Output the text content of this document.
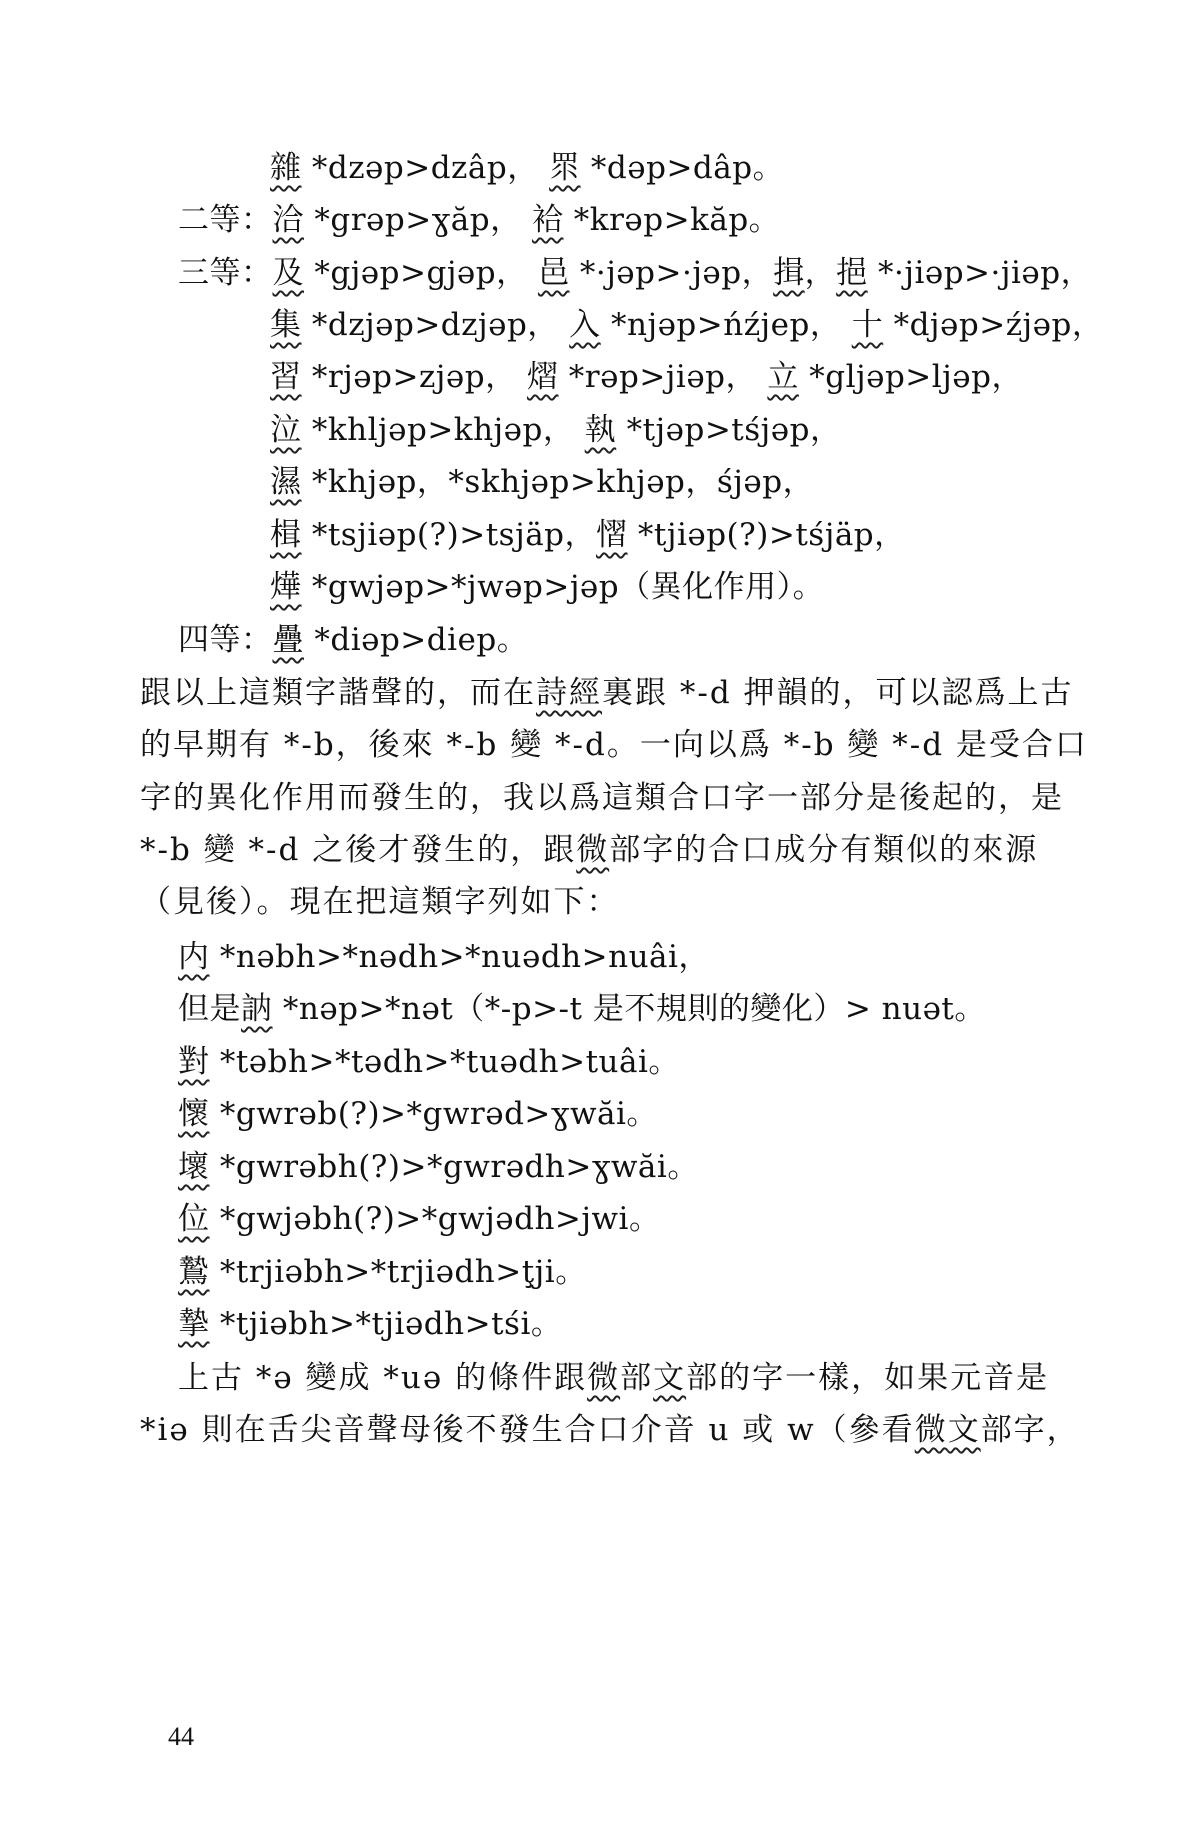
雜 *dzəp>dzâp， 眔 *dəp>dâp。
二等：洽 *grəp>ɣăp， 袷 *krəp>kăp。
三等：及 *gjəp>gjəp， 邑 *·jəp>·jəp，揖，挹 *·jiəp>·jiəp，
集 *dzjəp>dzjəp， 入 *njəp>ńźjep， 十 *djəp>źjəp，
習 *rjəp>zjəp， 熠 *rəp>jiəp， 立 *gljəp>ljəp，
泣 *khljəp>khjəp， 執 *tjəp>tśjəp，
濕 *khjəp，*skhjəp>khjəp，śjəp，
楫 *tsjiəp(?)>tsjäp，慴 *tjiəp(?)>tśjäp，
燁 *gwjəp>*jwəp>jəp（異化作用）。
四等：疊 *diəp>diep。
跟以上這類字諧聲的，而在詩經裏跟 *-d 押韻的，可以認爲上古
的早期有 *-b，後來 *-b 變 *-d。一向以爲 *-b 變 *-d 是受合口
字的異化作用而發生的，我以爲這類合口字一部分是後起的，是
*-b 變 *-d 之後才發生的，跟微部字的合口成分有類似的來源
（見後）。現在把這類字列如下：
内 *nəbh>*nədh>*nuədh>nuâi，
但是訥 *nəp>*nət（*-p>-t 是不規則的變化）> nuət。
對 *təbh>*tədh>*tuədh>tuâi。
懷 *gwrəb(?)>*gwrəd>ɣwăi。
壞 *gwrəbh(?)>*gwrədh>ɣwăi。
位 *gwjəbh(?)>*gwjədh>jwi。
鷙 *trjiəbh>*trjiədh>ţji。
摯 *tjiəbh>*tjiədh>tśi。
上古 *ə 變成 *uə 的條件跟微部文部的字一樣，如果元音是
*iə 則在舌尖音聲母後不發生合口介音 u 或 w（參看微文部字，
44
